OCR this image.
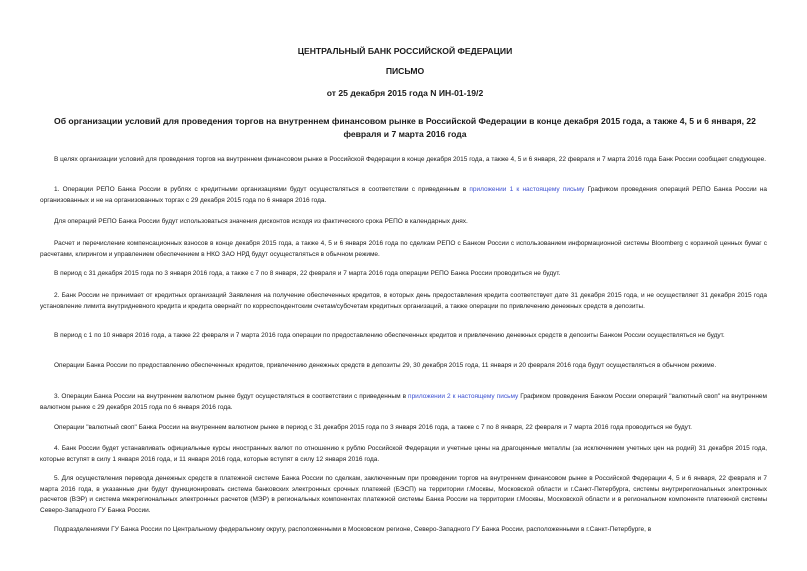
ЦЕНТРАЛЬНЫЙ БАНК РОССИЙСКОЙ ФЕДЕРАЦИИ

ПИСЬМО

от 25 декабря 2015 года N ИН-01-19/2

Об организации условий для проведения торгов на внутреннем финансовом рынке в Российской Федерации в конце декабря 2015 года, а также 4, 5 и 6 января, 22 февраля и 7 марта 2016 года

В целях организации условий для проведения торгов на внутреннем финансовом рынке в Российской Федерации в конце декабря 2015 года, а также 4, 5 и 6 января, 22 февраля и 7 марта 2016 года Банк России сообщает следующее.

1. Операции РЕПО Банка России в рублях с кредитными организациями будут осуществляться в соответствии с приведенным в приложении 1 к настоящему письму Графиком проведения операций РЕПО Банка России на организованных и не на организованных торгах с 29 декабря 2015 года по 6 января 2016 года.

Для операций РЕПО Банка России будут использоваться значения дисконтов исходя из фактического срока РЕПО в календарных днях.

Расчет и перечисление компенсационных взносов в конце декабря 2015 года, а также 4, 5 и 6 января 2016 года по сделкам РЕПО с Банком России с использованием информационной системы Bloomberg с корзиной ценных бумаг с расчетами, клирингом и управлением обеспечением в НКО ЗАО НРД будут осуществляться в обычном режиме.

В период с 31 декабря 2015 года по 3 января 2016 года, а также с 7 по 8 января, 22 февраля и 7 марта 2016 года операции РЕПО Банка России проводиться не будут.

2. Банк России не принимает от кредитных организаций Заявления на получение обеспеченных кредитов, в которых день предоставления кредита соответствует дате 31 декабря 2015 года, и не осуществляет 31 декабря 2015 года установление лимита внутридневного кредита и кредита овернайт по корреспондентским счетам/субсчетам кредитных организаций, а также операции по привлечению денежных средств в депозиты.

В период с 1 по 10 января 2016 года, а также 22 февраля и 7 марта 2016 года операции по предоставлению обеспеченных кредитов и привлечению денежных средств в депозиты Банком России осуществляться не будут.

Операции Банка России по предоставлению обеспеченных кредитов, привлечению денежных средств в депозиты 29, 30 декабря 2015 года, 11 января и 20 февраля 2016 года будут осуществляться в обычном режиме.

3. Операции Банка России на внутреннем валютном рынке будут осуществляться в соответствии с приведенным в приложении 2 к настоящему письму Графиком проведения Банком России операций "валютный своп" на внутреннем валютном рынке с 29 декабря 2015 года по 6 января 2016 года.

Операции "валютный своп" Банка России на внутреннем валютном рынке в период с 31 декабря 2015 года по 3 января 2016 года, а также с 7 по 8 января, 22 февраля и 7 марта 2016 года проводиться не будут.

4. Банк России будет устанавливать официальные курсы иностранных валют по отношению к рублю Российской Федерации и учетные цены на драгоценные металлы (за исключением учетных цен на родий) 31 декабря 2015 года, которые вступят в силу 1 января 2016 года, и 11 января 2016 года, которые вступят в силу 12 января 2016 года.

5. Для осуществления перевода денежных средств в платежной системе Банка России по сделкам, заключенным при проведении торгов на внутреннем финансовом рынке в Российской Федерации 4, 5 и 6 января, 22 февраля и 7 марта 2016 года, в указанные дни будут функционировать система банковских электронных срочных платежей (БЭСП) на территории г.Москвы, Московской области и г.Санкт-Петербурга, системы внутрирегиональных электронных расчетов (ВЭР) и система межрегиональных электронных расчетов (МЭР) в региональных компонентах платежной системы Банка России на территории г.Москвы, Московской области и в региональном компоненте платежной системы Северо-Западного ГУ Банка России.

Подразделениями ГУ Банка России по Центральному федеральному округу, расположенными в Московском регионе, Северо-Западного ГУ Банка России, расположенными в г.Санкт-Петербурге, в
